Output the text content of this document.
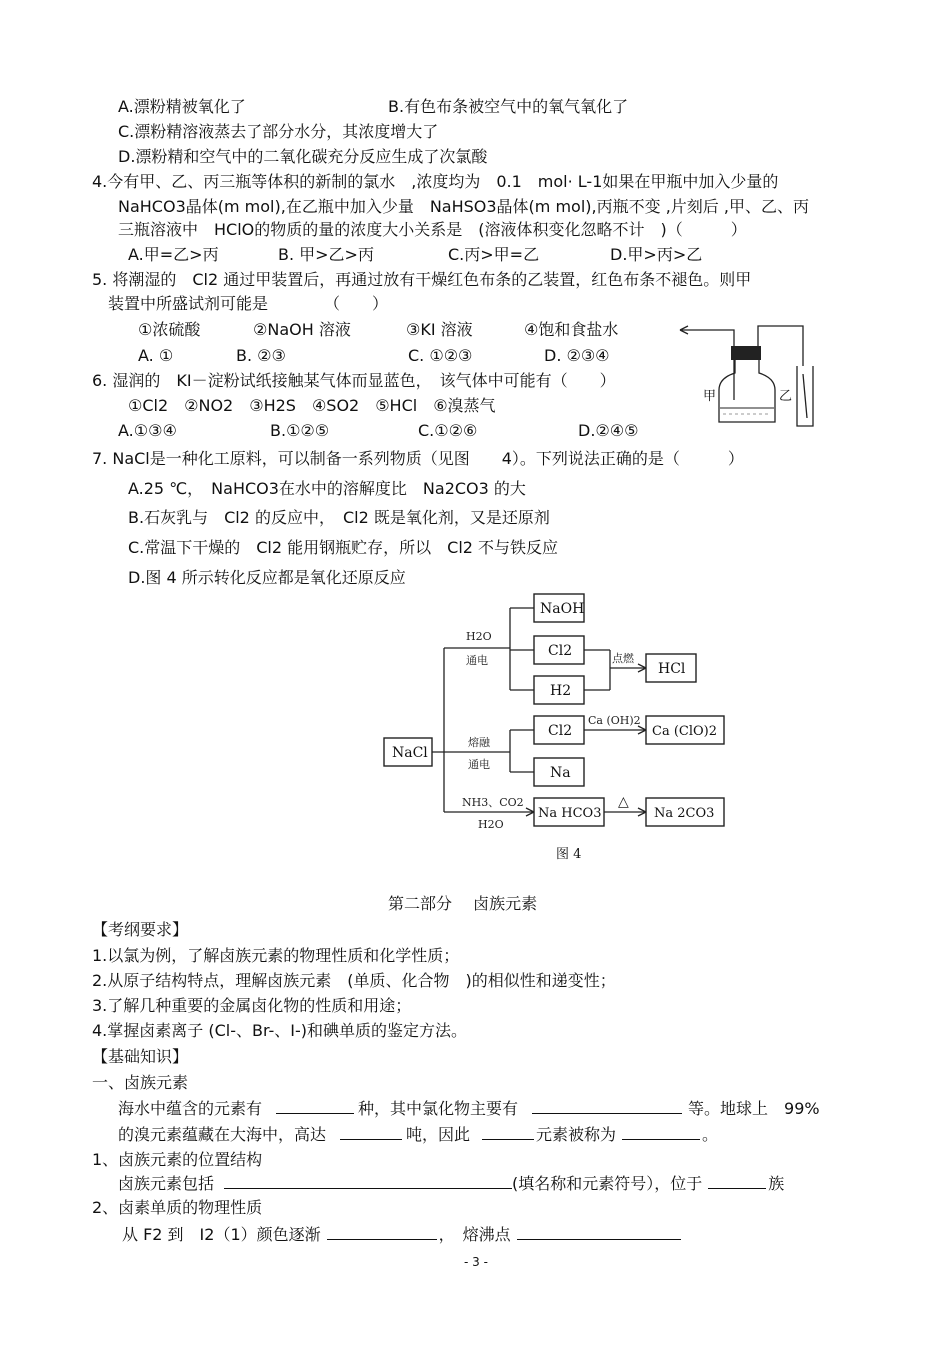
A.漂粉精被氧化了	B.有色布条被空气中的氧气氧化了
C.漂粉精溶液蒸去了部分水分，其浓度增大了
D.漂粉精和空气中的二氧化碳充分反应生成了次氯酸
4.今有甲、乙、丙三瓶等体积的新制的氯水　,浓度均为　0.1　mol· L-1如果在甲瓶中加入少量的
NaHCO3晶体(m mol),在乙瓶中加入少量　NaHSO3晶体(m mol),丙瓶不变 ,片刻后 ,甲、乙、丙
三瓶溶液中　HClO的物质的量的浓度大小关系是　(溶液体积变化忽略不计　)（　　　）
A.甲=乙>丙	B. 甲>乙>丙	C.丙>甲=乙	D.甲>丙>乙
5. 将潮湿的　Cl2 通过甲装置后，再通过放有干燥红色布条的乙装置，红色布条不褪色。则甲
装置中所盛试剂可能是　　　　（　　）
①浓硫酸	②NaOH 溶液	③KI 溶液	④饱和食盐水
A. ①	B. ②③	C. ①②③	D. ②③④
甲	乙
6. 湿润的　KI－淀粉试纸接触某气体而显蓝色，　该气体中可能有（　　）
①Cl2　②NO2　③H2S　④SO2　⑤HCl　⑥溴蒸气
A.①③④	B.①②⑤	C.①②⑥	D.②④⑤
7. NaCl是一种化工原料，可以制备一系列物质（见图　　4）。下列说法正确的是（　　　）
A.25 ℃，　NaHCO3在水中的溶解度比　Na2CO3 的大
B.石灰乳与　Cl2 的反应中，　Cl2 既是氧化剂，又是还原剂
C.常温下干燥的　Cl2 能用钢瓶贮存，所以　Cl2 不与铁反应
D.图 4 所示转化反应都是氧化还原反应
NaCl
NaOH
Cl2
H2
HCl
Cl2
Na
Ca (ClO)2
Na HCO3	Na 2CO3
H2O
通电	点燃
熔融
通电
Ca (OH)2
NH3、CO2
H2O
△
图 4
第二部分　 卤族元素
【考纲要求】
1.以氯为例，了解卤族元素的物理性质和化学性质；
2.从原子结构特点，理解卤族元素　(单质、化合物　)的相似性和递变性；
3.了解几种重要的金属卤化物的性质和用途；
4.掌握卤素离子 (Cl-、Br-、I-)和碘单质的鉴定方法。
【基础知识】
一、卤族元素
海水中蕴含的元素有	种，其中氯化物主要有	等。地球上　99%
的溴元素蕴藏在大海中，高达	吨，因此	元素被称为	。
1、卤族元素的位置结构
卤族元素包括	(填名称和元素符号），位于	族
2、卤素单质的物理性质
从 F2 到　I2（1）颜色逐渐	，　熔沸点
- 3 -
